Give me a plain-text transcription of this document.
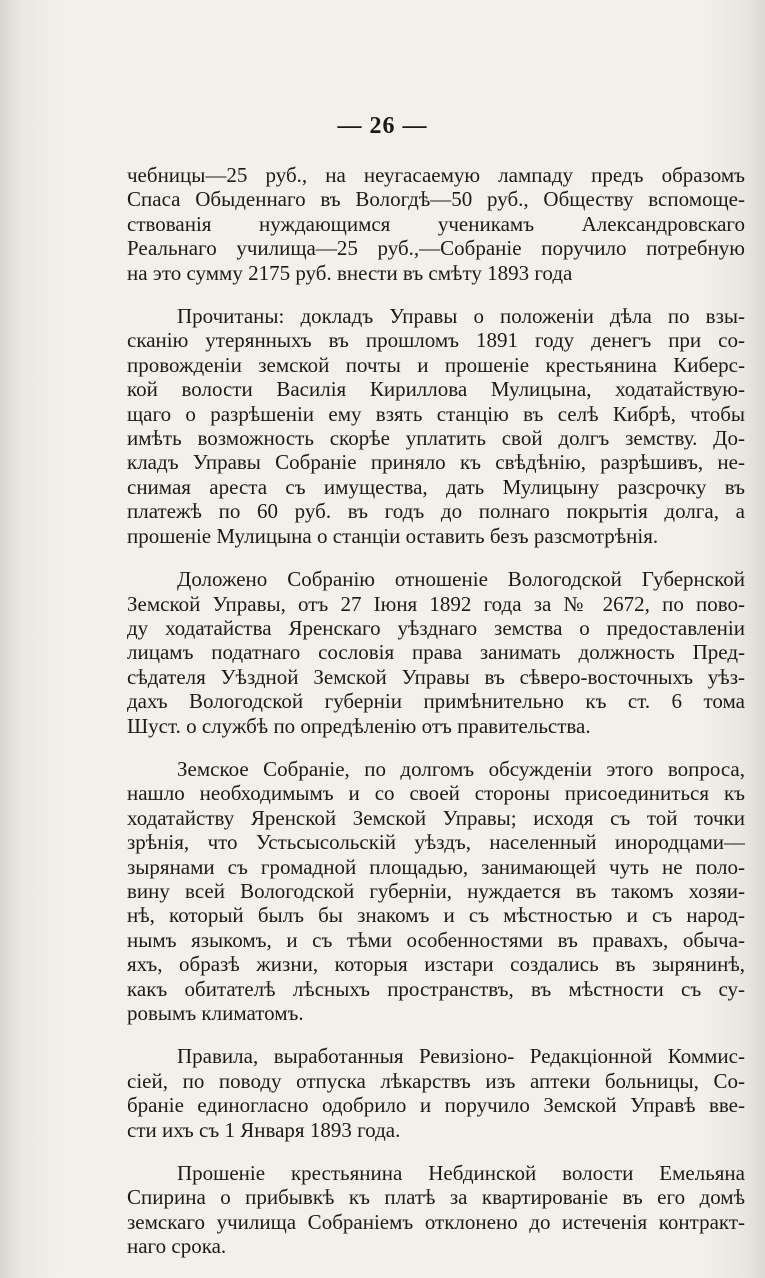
— 26 —
чебницы—25 руб., на неугасаемую лампаду предъ образомъ
Спаса Обыденнаго въ Вологдѣ—50 руб., Обществу вспомоще-
ствованія нуждающимся ученикамъ Александровскаго
Реальнаго училища—25 руб.,—Собраніе поручило потребную
на это сумму 2175 руб. внести въ смѣту 1893 года
Прочитаны: докладъ Управы о положеніи дѣла по взы-
сканію утерянныхъ въ прошломъ 1891 году денегъ при со-
провожденіи земской почты и прошеніе крестьянина Киберс-
кой волости Василія Кириллова Мулицына, ходатайствую-
щаго о разрѣшеніи ему взять станцію въ селѣ Кибрѣ, чтобы
имѣть возможность скорѣе уплатить свой долгъ земству. До-
кладъ Управы Собраніе приняло къ свѣдѣнію, разрѣшивъ, не-
снимая ареста съ имущества, дать Мулицыну разсрочку въ
платежѣ по 60 руб. въ годъ до полнаго покрытія долга, а
прошеніе Мулицына о станціи оставить безъ разсмотрѣнія.
Доложено Собранію отношеніе Вологодской Губернской
Земской Управы, отъ 27 Іюня 1892 года за № 2672, по пово-
ду ходатайства Яренскаго уѣзднаго земства о предоставленіи
лицамъ податнаго сословія права занимать должность Пред-
сѣдателя Уѣздной Земской Управы въ сѣверо-восточныхъ уѣз-
дахъ Вологодской губерніи примѣнительно къ ст. 6 тома
Шуст. о службѣ по опредѣленію отъ правительства.
Земское Собраніе, по долгомъ обсужденіи этого вопроса,
нашло необходимымъ и со своей стороны присоединиться къ
ходатайству Яренской Земской Управы; исходя съ той точки
зрѣнія, что Устьсысольскій уѣздъ, населенный инородцами—
зырянами съ громадной площадью, занимающей чуть не поло-
вину всей Вологодской губерніи, нуждается въ такомъ хозяи-
нѣ, который былъ бы знакомъ и съ мѣстностью и съ народ-
нымъ языкомъ, и съ тѣми особенностями въ правахъ, обыча-
яхъ, образѣ жизни, которыя изстари создались въ зырянинѣ,
какъ обитателѣ лѣсныхъ пространствъ, въ мѣстности съ су-
ровымъ климатомъ.
Правила, выработанныя Ревизіоно- Редакціонной Коммис-
сіей, по поводу отпуска лѣкарствъ изъ аптеки больницы, Со-
браніе единогласно одобрило и поручило Земской Управѣ вве-
сти ихъ съ 1 Января 1893 года.
Прошеніе крестьянина Небдинской волости Емельяна
Спирина о прибывкѣ къ платѣ за квартированіе въ его домѣ
земскаго училища Собраніемъ отклонено до истеченія контракт-
наго срока.
